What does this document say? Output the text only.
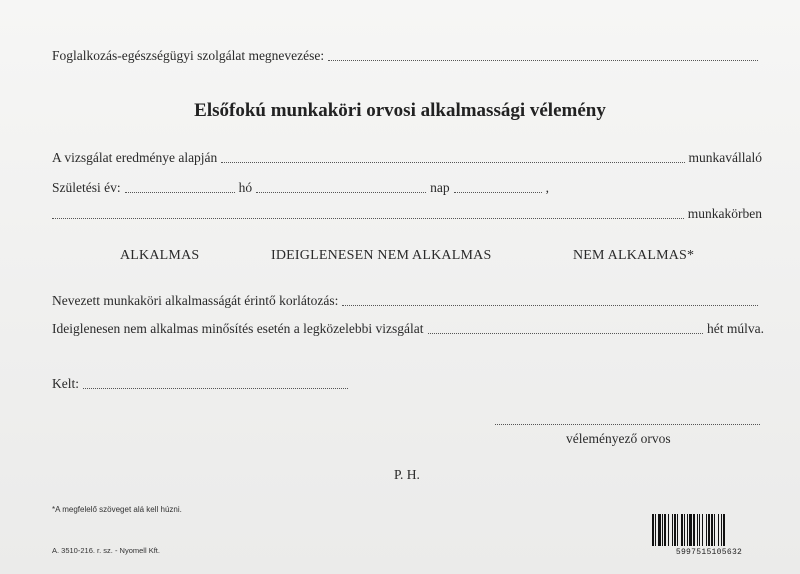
Foglalkozás-egészségügyi szolgálat megnevezése:
Elsőfokú munkaköri orvosi alkalmassági vélemény
A vizsgálat eredménye alapján	munkavállaló
Születési év:	hó	nap	,
munkakörben
ALKALMAS	IDEIGLENESEN NEM ALKALMAS	NEM ALKALMAS*
Nevezett munkaköri alkalmasságát érintő korlátozás:
Ideiglenesen nem alkalmas minősítés esetén a legközelebbi vizsgálat	hét múlva.
Kelt:
véleményező orvos
P. H.
*A megfelelő szöveget alá kell húzni.
A. 3510-216. r. sz. - Nyomell Kft.	5997515105632
